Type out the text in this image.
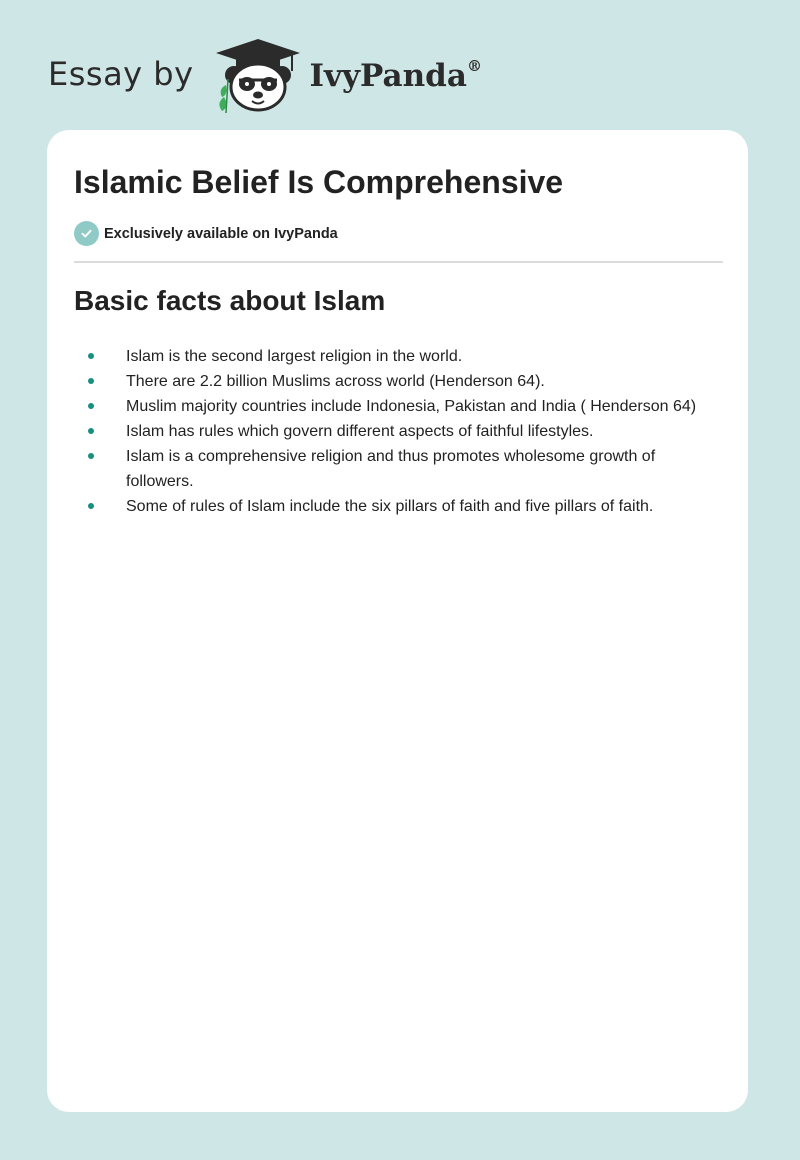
Essay by	IvyPanda®
Islamic Belief Is Comprehensive
Exclusively available on IvyPanda
Basic facts about Islam
Islam is the second largest religion in the world.
There are 2.2 billion Muslims across world (Henderson 64).
Muslim majority countries include Indonesia, Pakistan and India ( Henderson 64)
Islam has rules which govern different aspects of faithful lifestyles.
Islam is a comprehensive religion and thus promotes wholesome growth of followers.
Some of rules of Islam include the six pillars of faith and five pillars of faith.
